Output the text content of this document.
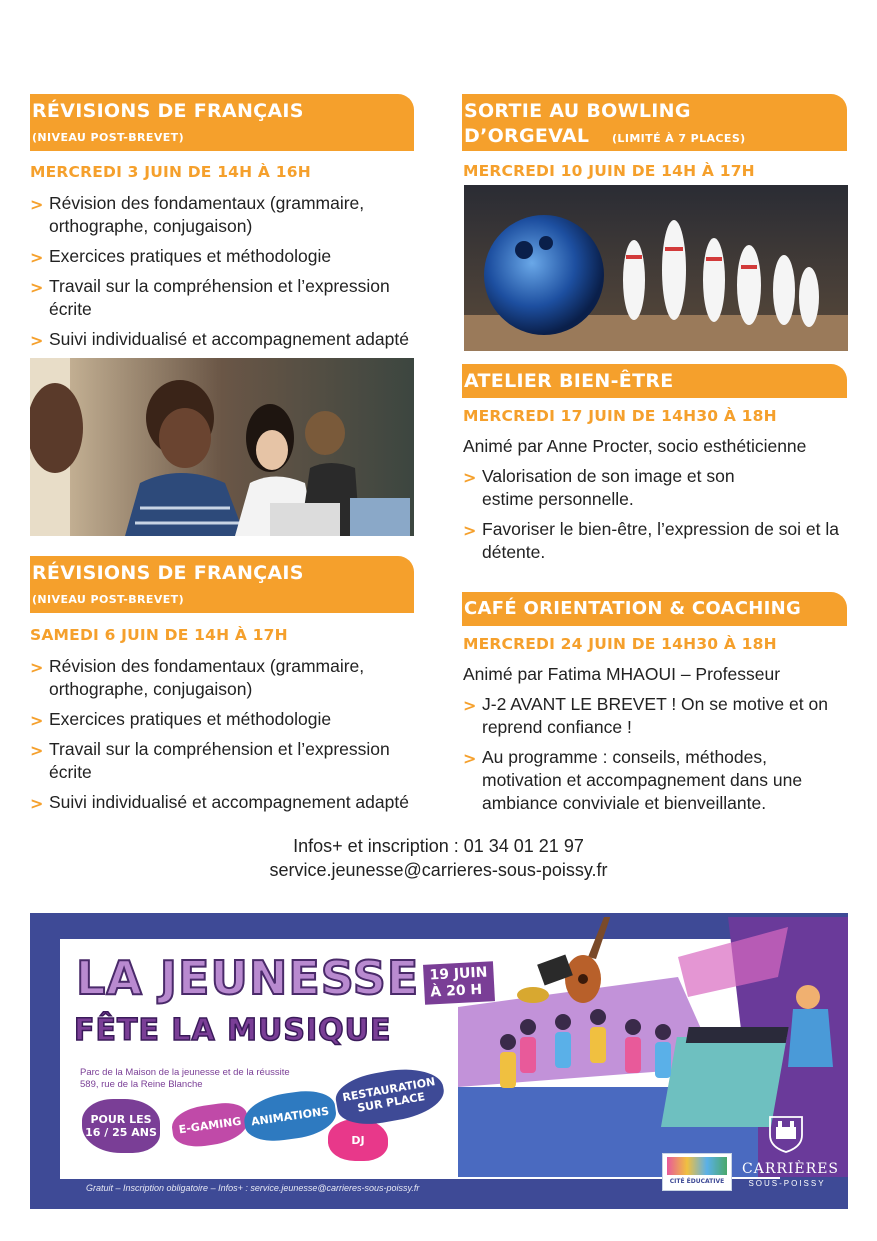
RÉVISIONS DE FRANÇAIS
(NIVEAU POST-BREVET)
MERCREDI 3 JUIN DE 14H À 16H
> Révision des fondamentaux (grammaire, orthographe, conjugaison)
> Exercices pratiques et méthodologie
> Travail sur la compréhension et l’expression écrite
> Suivi individualisé et accompagnement adapté
RÉVISIONS DE FRANÇAIS
(NIVEAU POST-BREVET)
SAMEDI 6 JUIN DE 14H À 17H
> Révision des fondamentaux (grammaire, orthographe, conjugaison)
> Exercices pratiques et méthodologie
> Travail sur la compréhension et l’expression écrite
> Suivi individualisé et accompagnement adapté
SORTIE AU BOWLING
D’ORGEVAL (LIMITÉ À 7 PLACES)
MERCREDI 10 JUIN DE 14H À 17H
ATELIER BIEN-ÊTRE
MERCREDI 17 JUIN DE 14H30 À 18H
Animé par Anne Procter, socio esthéticienne
> Valorisation de son image et son estime personnelle.
> Favoriser le bien-être, l’expression de soi et la détente.
CAFÉ ORIENTATION & COACHING
MERCREDI 24 JUIN DE 14H30 À 18H
Animé par Fatima MHAOUI – Professeur
> J-2 AVANT LE BREVET ! On se motive et on reprend confiance !
> Au programme : conseils, méthodes, motivation et accompagnement dans une ambiance conviviale et bienveillante.
Infos+ et inscription : 01 34 01 21 97
service.jeunesse@carrieres-sous-poissy.fr
LA JEUNESSE
FÊTE LA MUSIQUE
19 JUIN
À 20 H
Parc de la Maison de la jeunesse et de la réussite
589, rue de la Reine Blanche
POUR LES 16 / 25 ANS	E-GAMING ANIMATIONS
DJ
RESTAURATION SUR PLACE
CITÉ ÉDUCATIVE
CARRIÈRES
SOUS-POISSY
Gratuit – Inscription obligatoire – Infos+ : service.jeunesse@carrieres-sous-poissy.fr
